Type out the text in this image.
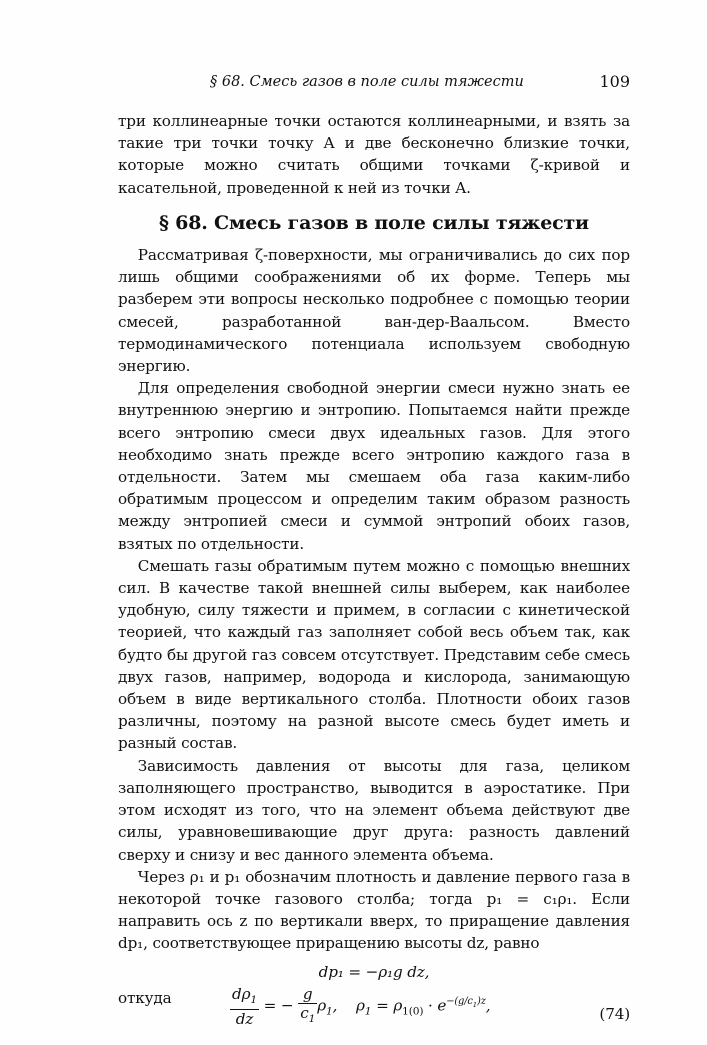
§ 68. Смесь газов в поле силы тяжести	109

три коллинеарные точки остаются коллинеарными, и взять за такие три точки точку A и две бесконечно близкие точки, которые можно считать общими точками ζ-кривой и касательной, проведенной к ней из точки A.

§ 68. Смесь газов в поле силы тяжести

Рассматривая ζ-поверхности, мы ограничивались до сих пор лишь общими соображениями об их форме. Теперь мы разберем эти вопросы несколько подробнее с помощью теории смесей, разработанной ван-дер-Ваальсом. Вместо термодинамического потенциала используем свободную энергию.

Для определения свободной энергии смеси нужно знать ее внутреннюю энергию и энтропию. Попытаемся найти прежде всего энтропию смеси двух идеальных газов. Для этого необходимо знать прежде всего энтропию каждого газа в отдельности. Затем мы смешаем оба газа каким-либо обратимым процессом и определим таким образом разность между энтропией смеси и суммой энтропий обоих газов, взятых по отдельности.

Смешать газы обратимым путем можно с помощью внешних сил. В качестве такой внешней силы выберем, как наиболее удобную, силу тяжести и примем, в согласии с кинетической теорией, что каждый газ заполняет собой весь объем так, как будто бы другой газ совсем отсутствует. Представим себе смесь двух газов, например, водорода и кислорода, занимающую объем в виде вертикального столба. Плотности обоих газов различны, поэтому на разной высоте смесь будет иметь и разный состав.

Зависимость давления от высоты для газа, целиком заполняющего пространство, выводится в аэростатике. При этом исходят из того, что на элемент объема действуют две силы, уравновешивающие друг друга: разность давлений сверху и снизу и вес данного элемента объема.

Через ρ₁ и p₁ обозначим плотность и давление первого газа в некоторой точке газового столба; тогда p₁ = c₁ρ₁. Если направить ось z по вертикали вверх, то приращение давления dp₁, соответствующее приращению высоты dz, равно

dp₁ = −ρ₁g dz,
откуда	$\frac{d\rho_1}{dz}$ = − $\frac{g}{c_1} \rho_1$,    $\rho_1 = \rho_{1(0)} \cdot e^{-(g/c_1)z}$,	(74)
